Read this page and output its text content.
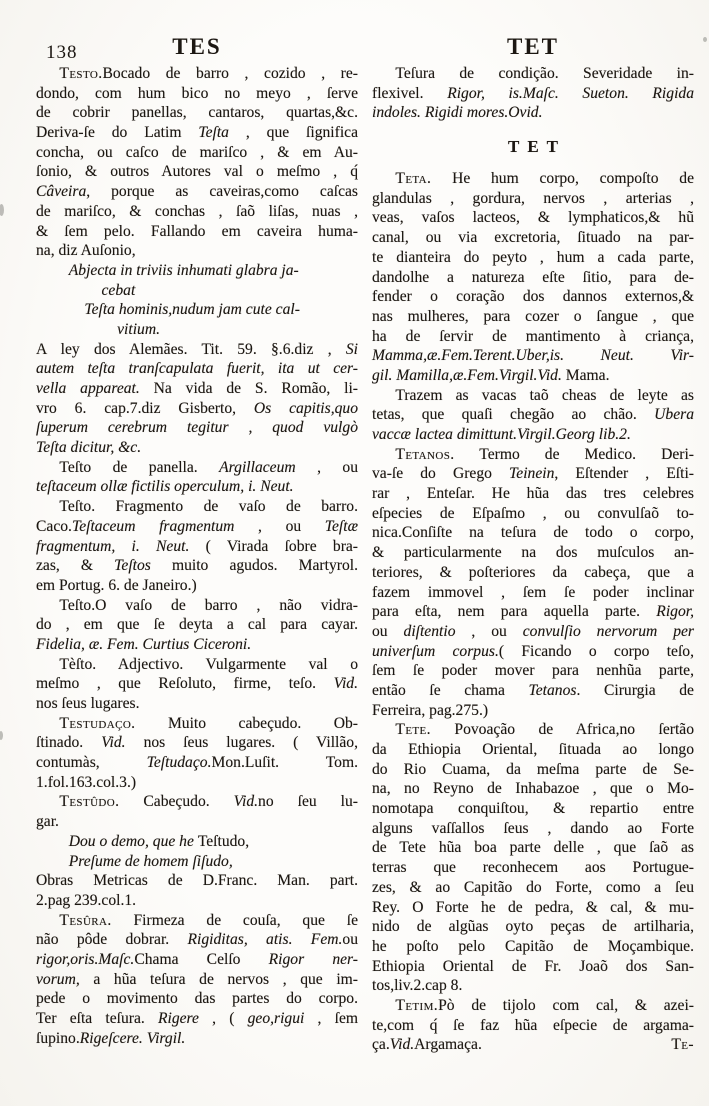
138	TES	TET
Testo.Bocado de barro , cozido , re-
dondo, com hum bico no meyo , ſerve
de cobrir panellas, cantaros, quartas,&c.
Deriva-ſe do Latim Teſta , que ſignifica
concha, ou caſco de mariſco , & em Au-
ſonio, & outros Autores val o meſmo , q́
Câveira, porque as caveiras,como caſcas
de mariſco, & conchas , ſaõ liſas, nuas ,
& ſem pelo. Fallando em caveira huma-
na, diz Auſonio,
Abjecta in triviis inhumati glabra ja-
cebat
Teſta hominis,nudum jam cute cal-
vitium.
A ley dos Alemães. Tit. 59. §.6.diz , Si
autem teſta tranſcapulata fuerit, ita ut cer-
vella appareat. Na vida de S. Romão, li-
vro 6. cap.7.diz Gisberto, Os capitis,quo
ſuperum cerebrum tegitur , quod vulgò
Teſta dicitur, &c.
Teſto de panella. Argillaceum , ou
teſtaceum ollæ fictilis operculum, i. Neut.
Teſto. Fragmento de vaſo de barro.
Caco.Teſtaceum fragmentum , ou Teſtæ
fragmentum, i. Neut. ( Virada ſobre bra-
zas, & Teſtos muito agudos. Martyrol.
em Portug. 6. de Janeiro.)
Teſto.O vaſo de barro , não vidra-
do , em que ſe deyta a cal para cayar.
Fidelia, æ. Fem. Curtius Ciceroni.
Tèſto. Adjectivo. Vulgarmente val o
meſmo , que Reſoluto, firme, teſo. Vid.
nos ſeus lugares.
Testudaço. Muito cabeçudo. Ob-
ſtinado. Vid. nos ſeus lugares. ( Villão,
contumàs, Teſtudaço.Mon.Luſit. Tom.
1.fol.163.col.3.)
Testûdo. Cabeçudo. Vid.no ſeu lu-
gar.
Dou o demo, que he Teſtudo,
Preſume de homem ſiſudo,
Obras Metricas de D.Franc. Man. part.
2.pag 239.col.1.
Tesûra. Firmeza de couſa, que ſe
não pôde dobrar. Rigiditas, atis. Fem.ou
rigor,oris.Maſc.Chama Celſo Rigor ner-
vorum, a hũa teſura de nervos , que im-
pede o movimento das partes do corpo.
Ter eſta teſura. Rigere , ( geo,rigui , ſem
ſupino.Rigeſcere. Virgil.
Teſura de condição. Severidade in-
flexivel. Rigor, is.Maſc. Sueton. Rigida
indoles. Rigidi mores.Ovid.
TET
Teta. He hum corpo, compoſto de
glandulas , gordura, nervos , arterias ,
veas, vaſos lacteos, & lymphaticos,& hũ
canal, ou via excretoria, ſituado na par-
te dianteira do peyto , hum a cada parte,
dandolhe a natureza eſte ſitio, para de-
fender o coração dos dannos externos,&
nas mulheres, para cozer o ſangue , que
ha de ſervir de mantimento à criança,
Mamma,æ.Fem.Terent.Uber,is. Neut. Vir-
gil. Mamilla,æ.Fem.Virgil.Vid. Mama.
Trazem as vacas taõ cheas de leyte as
tetas, que quaſi chegão ao chão. Ubera
vaccæ lactea dimittunt.Virgil.Georg lib.2.
Tetanos. Termo de Medico. Deri-
va-ſe do Grego Teinein, Eſtender , Eſti-
rar , Enteſar. He hũa das tres celebres
eſpecies de Eſpaſmo , ou convulſaõ to-
nica.Conſiſte na teſura de todo o corpo,
& particularmente na dos muſculos an-
teriores, & poſteriores da cabeça, que a
fazem immovel , ſem ſe poder inclinar
para eſta, nem para aquella parte. Rigor,
ou diſtentio , ou convulſio nervorum per
univerſum corpus.( Ficando o corpo teſo,
ſem ſe poder mover para nenhũa parte,
então ſe chama Tetanos. Cirurgia de
Ferreira, pag.275.)
Tete. Povoação de Africa,no ſertão
da Ethiopia Oriental, ſituada ao longo
do Rio Cuama, da meſma parte de Se-
na, no Reyno de Inhabazoe , que o Mo-
nomotapa conquiſtou, & repartio entre
alguns vaſſallos ſeus , dando ao Forte
de Tete hũa boa parte delle , que ſaõ as
terras que reconhecem aos Portugue-
zes, & ao Capitão do Forte, como a ſeu
Rey. O Forte he de pedra, & cal, & mu-
nido de algũas oyto peças de artilharia,
he poſto pelo Capitão de Moçambique.
Ethiopia Oriental de Fr. Joaõ dos San-
tos,liv.2.cap 8.
Tetim.Pò de tijolo com cal, & azei-
te,com q́ ſe faz hũa eſpecie de argama-
Te-
ça.Vid.Argamaça.
